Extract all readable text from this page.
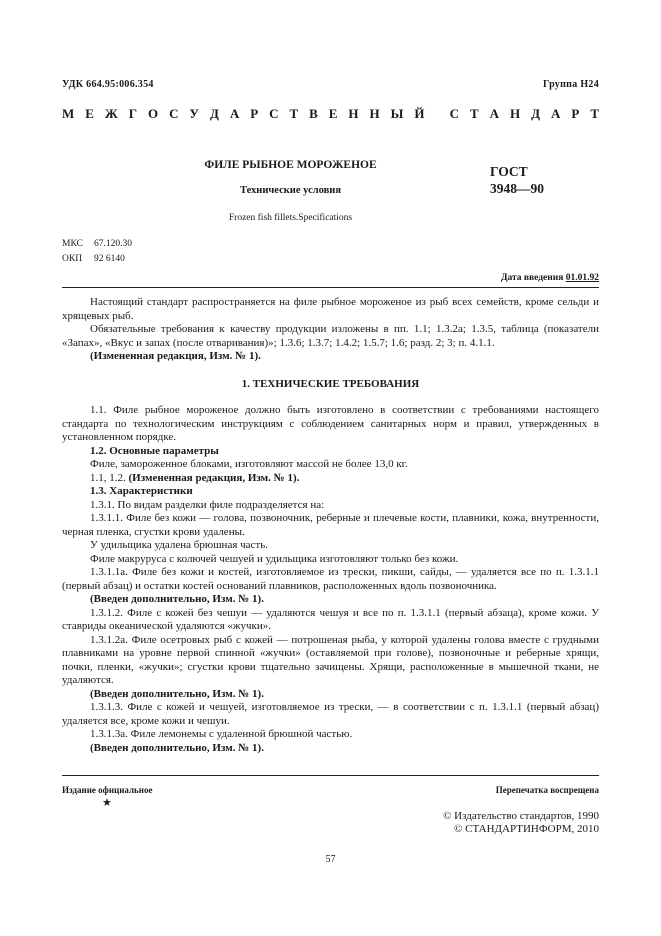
УДК 664.95:006.354	Группа Н24
М Е Ж Г О С У Д А Р С Т В Е Н Н Ы Й
С Т А Н Д А Р Т
ФИЛЕ РЫБНОЕ МОРОЖЕНОЕ
Технические условия
Frozen fish fillets.Specifications
ГОСТ
3948—90
МКС 67.120.30
ОКП 92 6140
Дата введения 01.01.92

Настоящий стандарт распространяется на филе рыбное мороженое из рыб всех семейств, кроме сельди и хрящевых рыб.

Обязательные требования к качеству продукции изложены в пп. 1.1; 1.3.2а; 1.3.5, таблица (показатели «Запах», «Вкус и запах (после отваривания)»; 1.3.6; 1.3.7; 1.4.2; 1.5.7; 1.6; разд. 2; 3; п. 4.1.1.

(Измененная редакция, Изм. № 1).

1. ТЕХНИЧЕСКИЕ ТРЕБОВАНИЯ

1.1. Филе рыбное мороженое должно быть изготовлено в соответствии с требованиями настоящего стандарта по технологическим инструкциям с соблюдением санитарных норм и правил, утвержденных в установленном порядке.

1.2. Основные параметры

Филе, замороженное блоками, изготовляют массой не более 13,0 кг.

1.1, 1.2. (Измененная редакция, Изм. № 1).

1.3. Характеристики

1.3.1. По видам разделки филе подразделяется на:

1.3.1.1. Филе без кожи — голова, позвоночник, реберные и плечевые кости, плавники, кожа, внутренности, черная пленка, сгустки крови удалены.

У удильщика удалена брюшная часть.

Филе макруруса с колючей чешуей и удильщика изготовляют только без кожи.

1.3.1.1а. Филе без кожи и костей, изготовляемое из трески, пикши, сайды, — удаляется все по п. 1.3.1.1 (первый абзац) и остатки костей оснований плавников, расположенных вдоль позвоночника.

(Введен дополнительно, Изм. № 1).

1.3.1.2. Филе с кожей без чешуи — удаляются чешуя и все по п. 1.3.1.1 (первый абзаца), кроме кожи. У ставриды океанической удаляются «жучки».

1.3.1.2а. Филе осетровых рыб с кожей — потрошеная рыба, у которой удалены голова вместе с грудными плавниками на уровне первой спинной «жучки» (оставляемой при голове), позвоночные и реберные хрящи, почки, пленки, «жучки»; сгустки крови тщательно зачищены. Хрящи, расположенные в мышечной ткани, не удаляются.

(Введен дополнительно, Изм. № 1).

1.3.1.3. Филе с кожей и чешуей, изготовляемое из трески, — в соответствии с п. 1.3.1.1 (первый абзац) удаляется все, кроме кожи и чешуи.

1.3.1.3а. Филе лемонемы с удаленной брюшной частью.

(Введен дополнительно, Изм. № 1).

Издание официальное
★
Перепечатка воспрещена
© Издательство стандартов, 1990
© СТАНДАРТИНФОРМ, 2010
57
